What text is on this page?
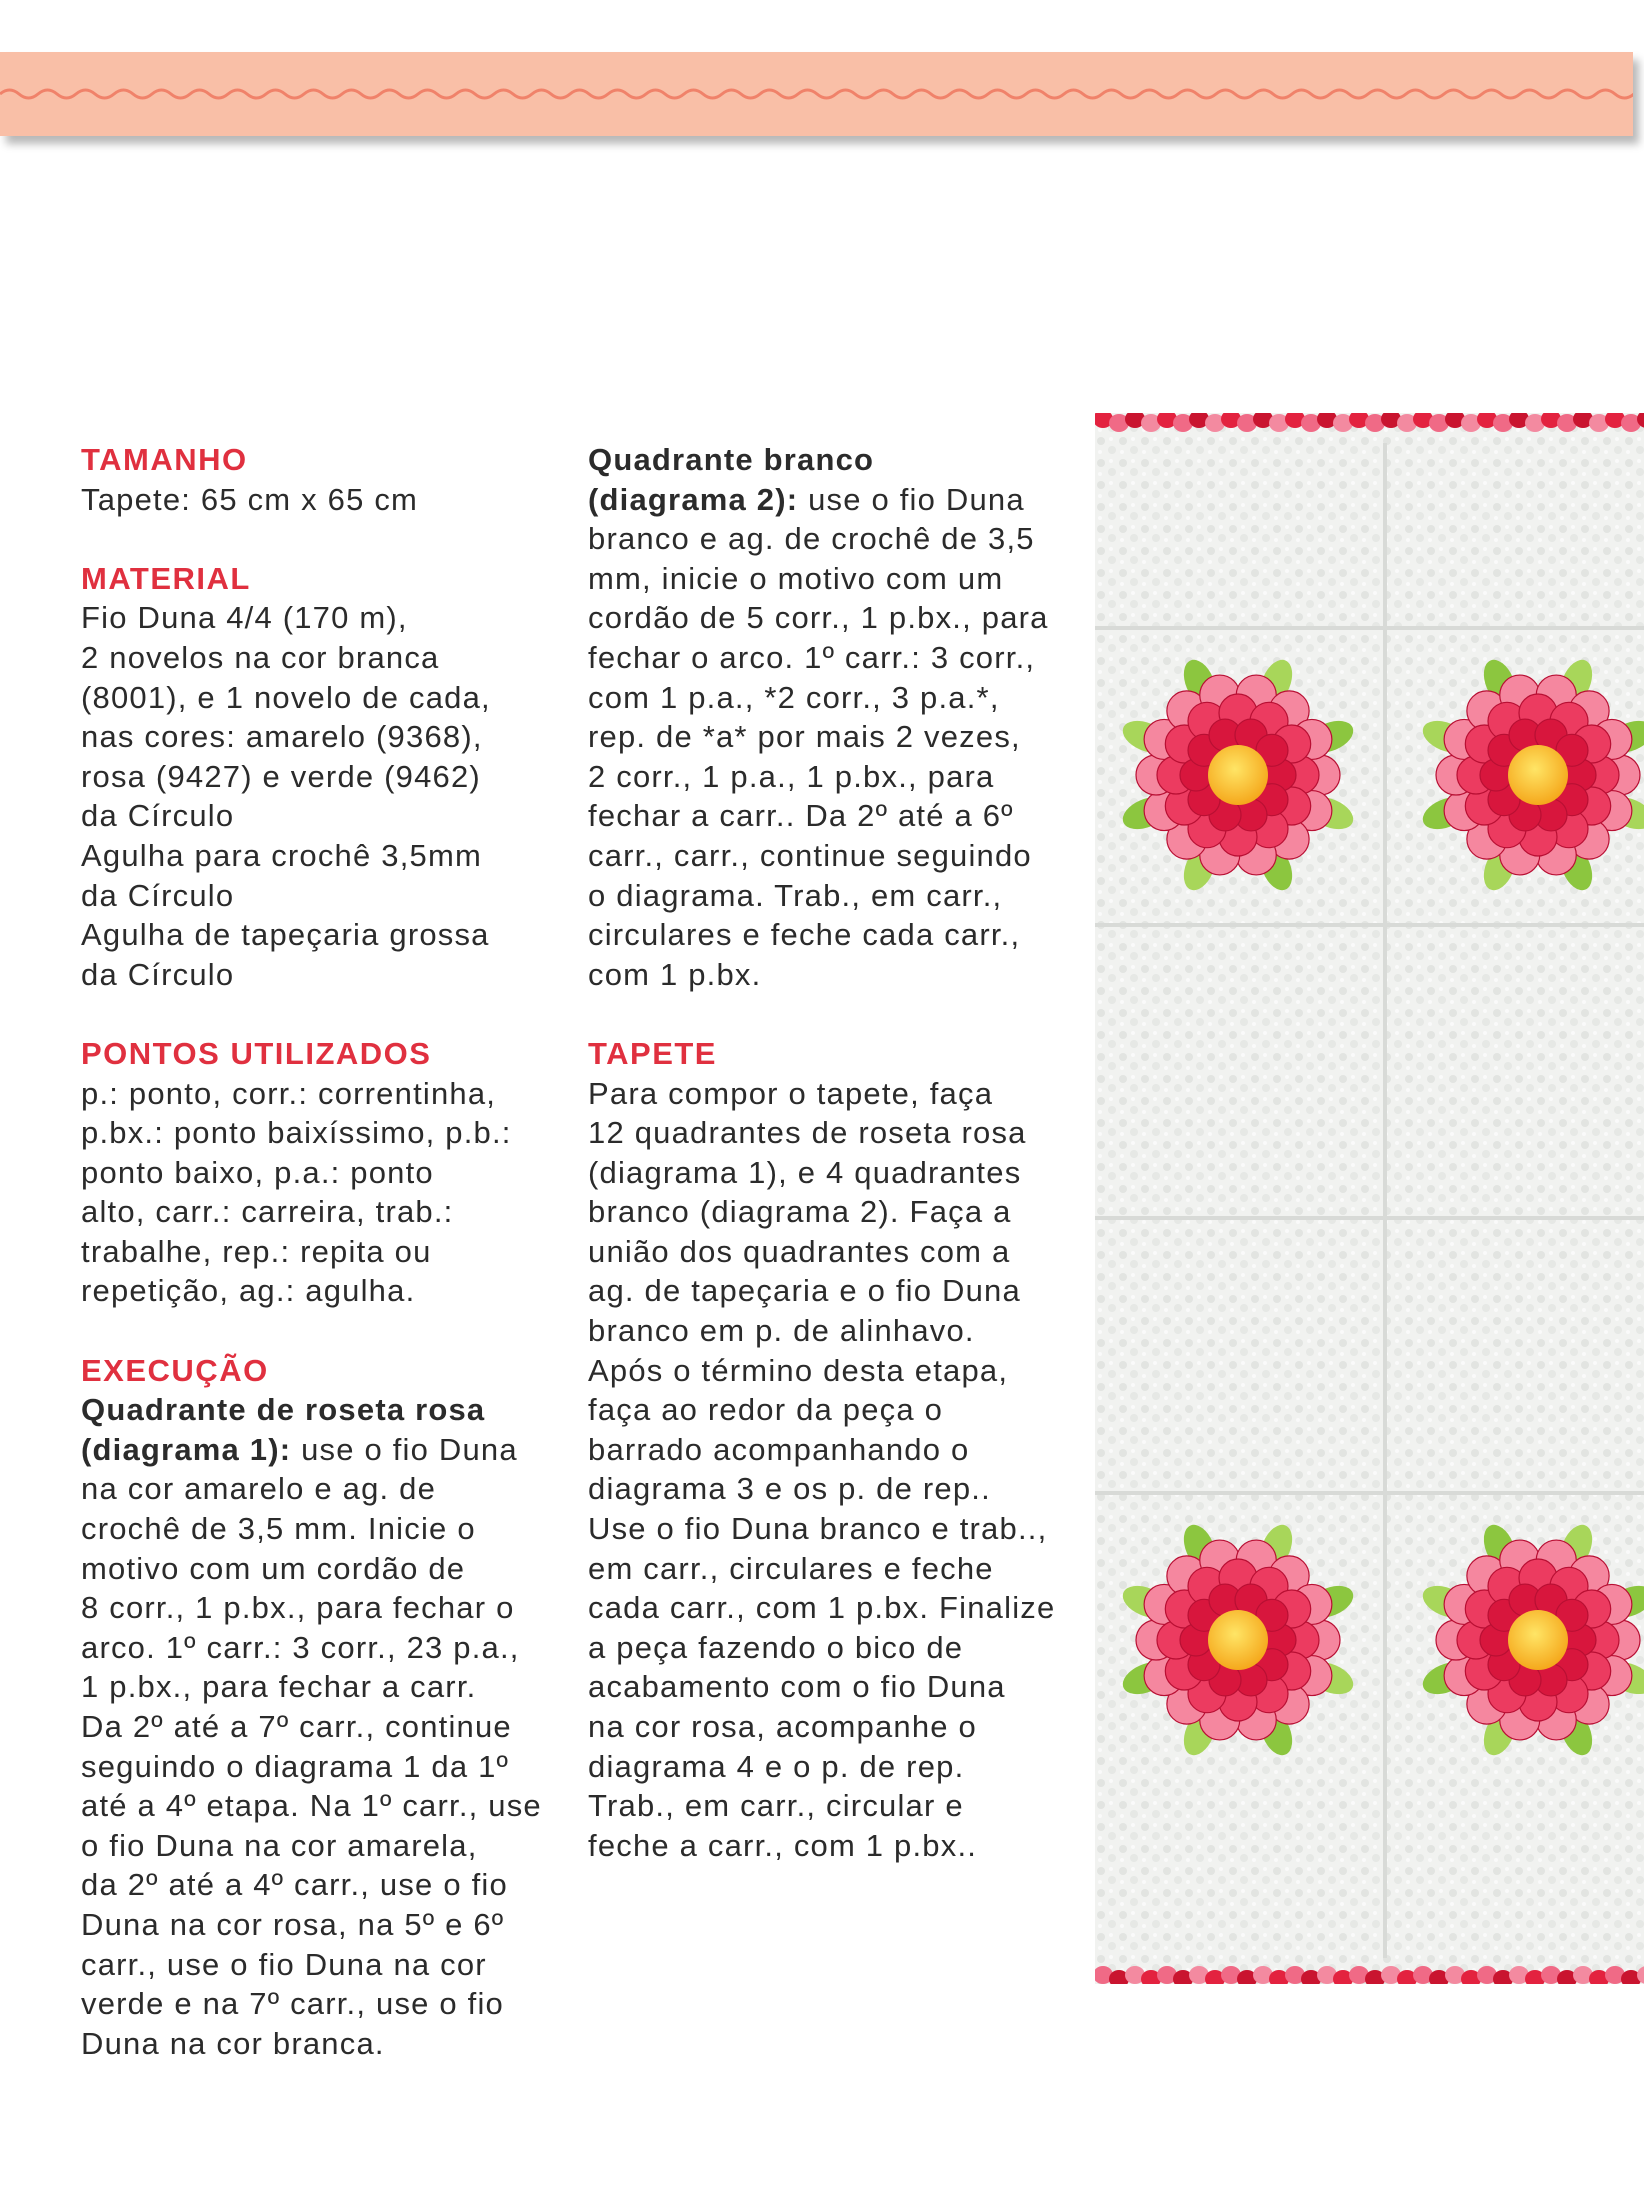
TAMANHO
Tapete: 65 cm x 65 cm
MATERIAL
Fio Duna 4/4 (170 m),
2 novelos na cor branca
(8001), e 1 novelo de cada,
nas cores: amarelo (9368),
rosa (9427) e verde (9462)
da Círculo
Agulha para crochê 3,5mm
da Círculo
Agulha de tapeçaria grossa
da Círculo
PONTOS UTILIZADOS
p.: ponto, corr.: correntinha,
p.bx.: ponto baixíssimo, p.b.:
ponto baixo, p.a.: ponto
alto, carr.: carreira, trab.:
trabalhe, rep.: repita ou
repetição, ag.: agulha.
EXECUÇÃO
Quadrante de roseta rosa
(diagrama 1): use o fio Duna
na cor amarelo e ag. de
crochê de 3,5 mm. Inicie o
motivo com um cordão de
8 corr., 1 p.bx., para fechar o
arco. 1º carr.: 3 corr., 23 p.a.,
1 p.bx., para fechar a carr.
Da 2º até a 7º carr., continue
seguindo o diagrama 1 da 1º
até a 4º etapa. Na 1º carr., use
o fio Duna na cor amarela,
da 2º até a 4º carr., use o fio
Duna na cor rosa, na 5º e 6º
carr., use o fio Duna na cor
verde e na 7º carr., use o fio
Duna na cor branca.
Quadrante branco
(diagrama 2): use o fio Duna
branco e ag. de crochê de 3,5
mm, inicie o motivo com um
cordão de 5 corr., 1 p.bx., para
fechar o arco. 1º carr.: 3 corr.,
com 1 p.a., *2 corr., 3 p.a.*,
rep. de *a* por mais 2 vezes,
2 corr., 1 p.a., 1 p.bx., para
fechar a carr.. Da 2º até a 6º
carr., carr., continue seguindo
o diagrama. Trab., em carr.,
circulares e feche cada carr.,
com 1 p.bx.
TAPETE
Para compor o tapete, faça
12 quadrantes de roseta rosa
(diagrama 1), e 4 quadrantes
branco (diagrama 2). Faça a
união dos quadrantes com a
ag. de tapeçaria e o fio Duna
branco em p. de alinhavo.
Após o término desta etapa,
faça ao redor da peça o
barrado acompanhando o
diagrama 3 e os p. de rep..
Use o fio Duna branco e trab..,
em carr., circulares e feche
cada carr., com 1 p.bx. Finalize
a peça fazendo o bico de
acabamento com o fio Duna
na cor rosa, acompanhe o
diagrama 4 e o p. de rep.
Trab., em carr., circular e
feche a carr., com 1 p.bx..
